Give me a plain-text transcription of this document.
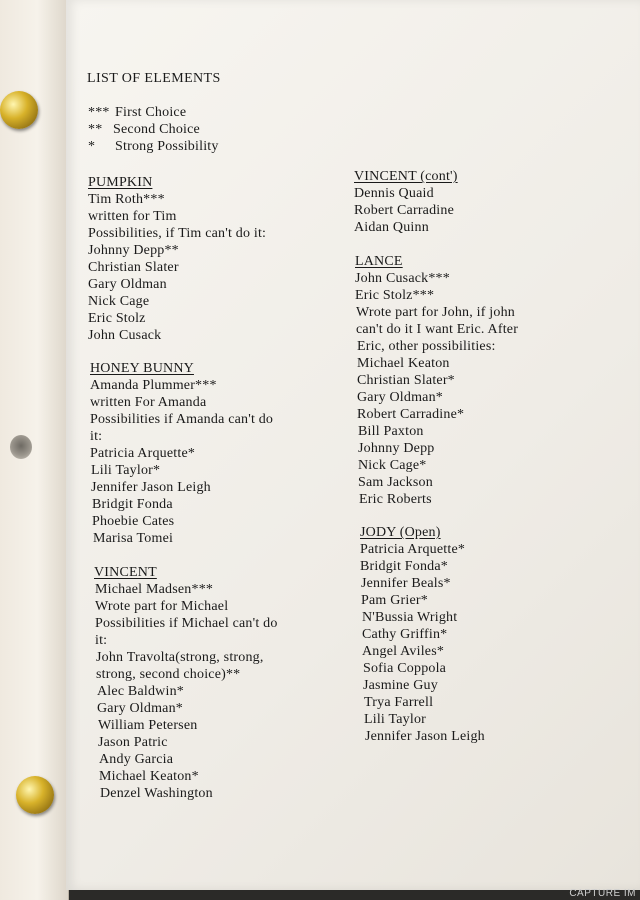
LIST OF ELEMENTS
*** First Choice
** Second Choice
* Strong Possibility
PUMPKIN
Tim Roth***
written for Tim
Possibilities, if Tim can't do it:
Johnny Depp**
Christian Slater
Gary Oldman
Nick Cage
Eric Stolz
John Cusack
HONEY BUNNY
Amanda Plummer***
written For Amanda
Possibilities if Amanda can't do
it:
Patricia Arquette*
Lili Taylor*
Jennifer Jason Leigh
Bridgit Fonda
Phoebie Cates
Marisa Tomei
VINCENT
Michael Madsen***
Wrote part for Michael
Possibilities if Michael can't do
it:
John Travolta(strong, strong,
strong, second choice)**
Alec Baldwin*
Gary Oldman*
William Petersen
Jason Patric
Andy Garcia
Michael Keaton*
Denzel Washington
VINCENT (cont')
Dennis Quaid
Robert Carradine
Aidan Quinn
LANCE
John Cusack***
Eric Stolz***
Wrote part for John, if john
can't do it I want Eric. After
Eric, other possibilities:
Michael Keaton
Christian Slater*
Gary Oldman*
Robert Carradine*
Bill Paxton
Johnny Depp
Nick Cage*
Sam Jackson
Eric Roberts
JODY (Open)
Patricia Arquette*
Bridgit Fonda*
Jennifer Beals*
Pam Grier*
N'Bussia Wright
Cathy Griffin*
Angel Aviles*
Sofia Coppola
Jasmine Guy
Trya Farrell
Lili Taylor
Jennifer Jason Leigh
CAPTURE IM
